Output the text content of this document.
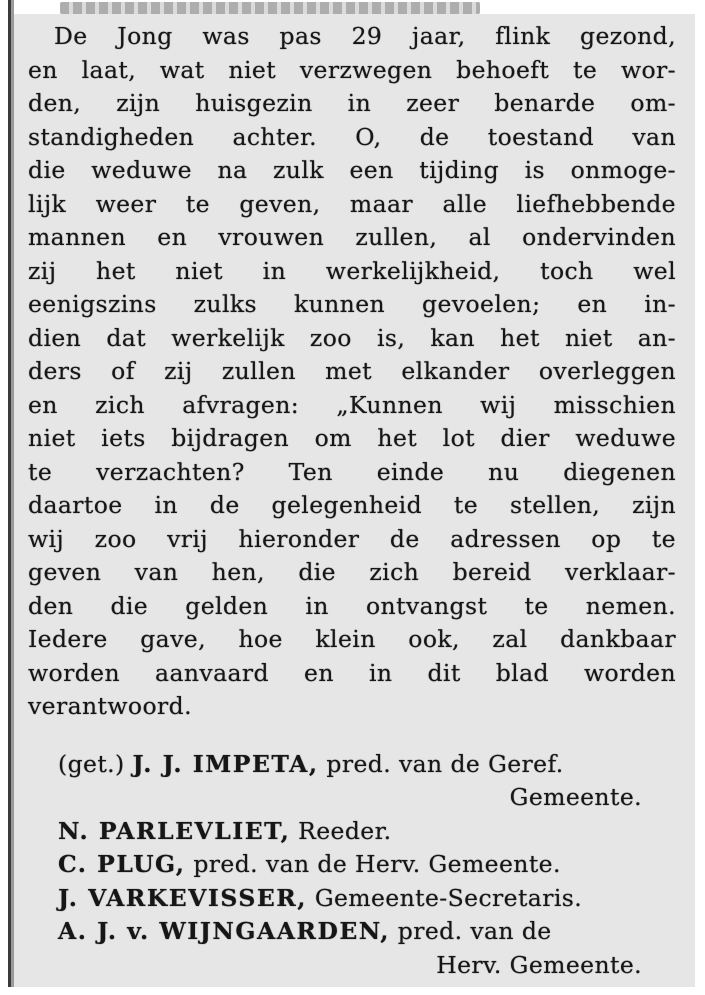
De Jong was pas 29 jaar, flink gezond,
en laat, wat niet verzwegen behoeft te wor-
den, zijn huisgezin in zeer benarde om-
standigheden achter. O, de toestand van
die weduwe na zulk een tijding is onmoge-
lijk weer te geven, maar alle liefhebbende
mannen en vrouwen zullen, al ondervinden
zij het niet in werkelijkheid, toch wel
eenigszins zulks kunnen gevoelen; en in-
dien dat werkelijk zoo is, kan het niet an-
ders of zij zullen met elkander overleggen
en zich afvragen: „Kunnen wij misschien
niet iets bijdragen om het lot dier weduwe
te verzachten? Ten einde nu diegenen
daartoe in de gelegenheid te stellen, zijn
wij zoo vrij hieronder de adressen op te
geven van hen, die zich bereid verklaar-
den die gelden in ontvangst te nemen.
Iedere gave, hoe klein ook, zal dankbaar
worden aanvaard en in dit blad worden
verantwoord.
(get.) J. J. IMPETA, pred. van de Geref.
Gemeente.
N. PARLEVLIET, Reeder.
C. PLUG, pred. van de Herv. Gemeente.
J. VARKEVISSER, Gemeente-Secretaris.
A. J. v. WIJNGAARDEN, pred. van de
Herv. Gemeente.
